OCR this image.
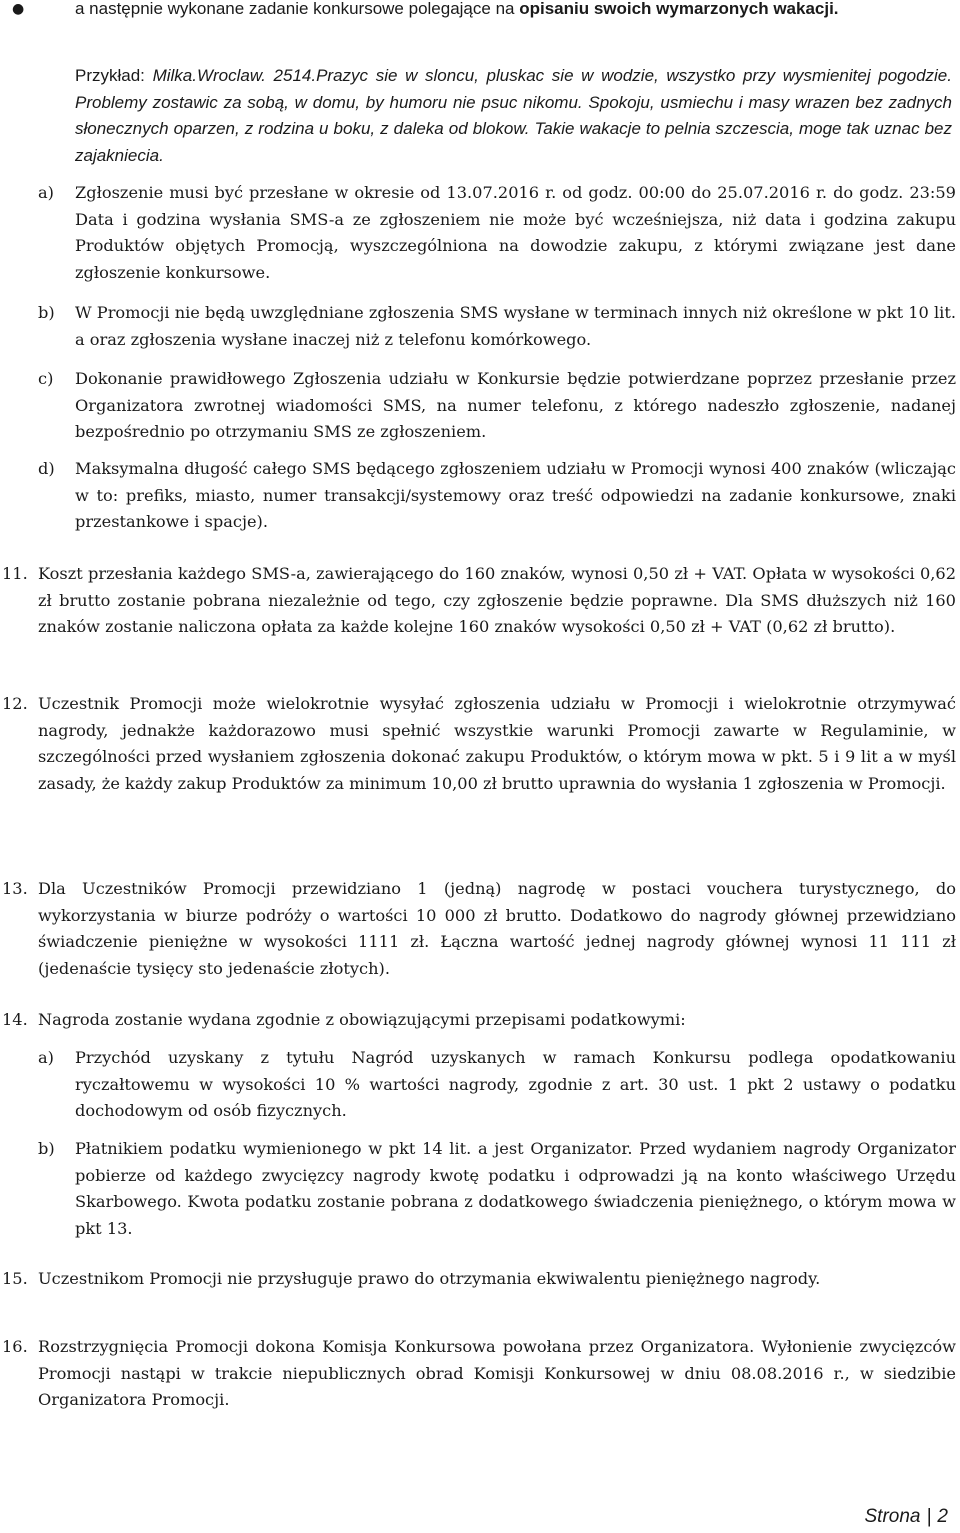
●	a następnie wykonane zadanie konkursowe polegające na opisaniu swoich wymarzonych wakacji.
Przykład: Milka.Wroclaw. 2514.Prazyc sie w sloncu, pluskac sie w wodzie, wszystko przy wysmienitej pogodzie. Problemy zostawic za sobą, w domu, by humoru nie psuc nikomu. Spokoju, usmiechu i masy wrazen bez zadnych słonecznych oparzen, z rodzina u boku, z daleka od blokow. Takie wakacje to pelnia szczescia, moge tak uznac bez zajakniecia.
a) Zgłoszenie musi być przesłane w okresie od 13.07.2016 r. od godz. 00:00 do 25.07.2016 r. do godz. 23:59 Data i godzina wysłania SMS-a ze zgłoszeniem nie może być wcześniejsza, niż data i godzina zakupu Produktów objętych Promocją, wyszczególniona na dowodzie zakupu, z którymi związane jest dane zgłoszenie konkursowe.
b) W Promocji nie będą uwzględniane zgłoszenia SMS wysłane w terminach innych niż określone w pkt 10 lit. a oraz zgłoszenia wysłane inaczej niż z telefonu komórkowego.
c) Dokonanie prawidłowego Zgłoszenia udziału w Konkursie będzie potwierdzane poprzez przesłanie przez Organizatora zwrotnej wiadomości SMS, na numer telefonu, z którego nadeszło zgłoszenie, nadanej bezpośrednio po otrzymaniu SMS ze zgłoszeniem.
d) Maksymalna długość całego SMS będącego zgłoszeniem udziału w Promocji wynosi 400 znaków (wliczając w to: prefiks, miasto, numer transakcji/systemowy oraz treść odpowiedzi na zadanie konkursowe, znaki przestankowe i spacje).
11. Koszt przesłania każdego SMS-a, zawierającego do 160 znaków, wynosi 0,50 zł + VAT. Opłata w wysokości 0,62 zł brutto zostanie pobrana niezależnie od tego, czy zgłoszenie będzie poprawne. Dla SMS dłuższych niż 160 znaków zostanie naliczona opłata za każde kolejne 160 znaków wysokości 0,50 zł + VAT (0,62 zł brutto).
12. Uczestnik Promocji może wielokrotnie wysyłać zgłoszenia udziału w Promocji i wielokrotnie otrzymywać nagrody, jednakże każdorazowo musi spełnić wszystkie warunki Promocji zawarte w Regulaminie, w szczególności przed wysłaniem zgłoszenia dokonać zakupu Produktów, o którym mowa w pkt. 5 i 9 lit a w myśl zasady, że każdy zakup Produktów za minimum 10,00 zł brutto uprawnia do wysłania 1 zgłoszenia w Promocji.
13. Dla Uczestników Promocji przewidziano 1 (jedną) nagrodę w postaci vouchera turystycznego, do wykorzystania w biurze podróży o wartości 10 000 zł brutto. Dodatkowo do nagrody głównej przewidziano świadczenie pieniężne w wysokości 1111 zł. Łączna wartość jednej nagrody głównej wynosi 11 111 zł (jedenaście tysięcy sto jedenaście złotych).
14. Nagroda zostanie wydana zgodnie z obowiązującymi przepisami podatkowymi:
a) Przychód uzyskany z tytułu Nagród uzyskanych w ramach Konkursu podlega opodatkowaniu ryczałtowemu w wysokości 10 % wartości nagrody, zgodnie z art. 30 ust. 1 pkt 2 ustawy o podatku dochodowym od osób fizycznych.
b) Płatnikiem podatku wymienionego w pkt 14 lit. a jest Organizator. Przed wydaniem nagrody Organizator pobierze od każdego zwycięzcy nagrody kwotę podatku i odprowadzi ją na konto właściwego Urzędu Skarbowego. Kwota podatku zostanie pobrana z dodatkowego świadczenia pieniężnego, o którym mowa w pkt 13.
15. Uczestnikom Promocji nie przysługuje prawo do otrzymania ekwiwalentu pieniężnego nagrody.
16. Rozstrzygnięcia Promocji dokona Komisja Konkursowa powołana przez Organizatora. Wyłonienie zwycięzców Promocji nastąpi w trakcie niepublicznych obrad Komisji Konkursowej w dniu 08.08.2016 r., w siedzibie Organizatora Promocji.
Strona | 2
